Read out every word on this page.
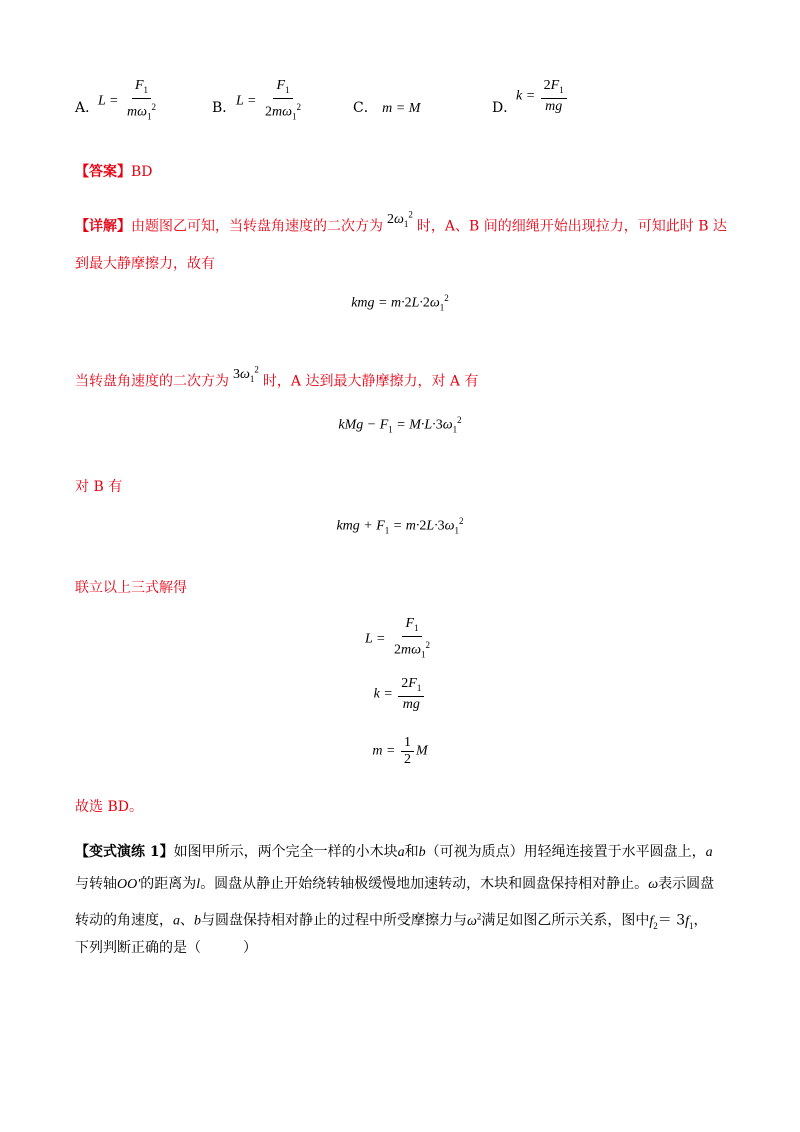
A．
$L = \frac{F_1}{m\omega_1^2}$	B． $L = \frac{F_1}{2m\omega_1^2}$	C． m = M	D．
$k = \frac{2F_1}{mg}$
【答案】BD
【详解】由题图乙可知，当转盘角速度的二次方为 $2\omega_1^2$时，A、B 间的细绳开始出现拉力，可知此时 B 达
到最大静摩擦力，故有
kmg = $m\cdot 2L\cdot 2\omega_1^2$
当转盘角速度的二次方为 $3\omega_1^2$时，A 达到最大静摩擦力，对 A 有
kMg − $F_1 = M\cdot L\cdot 3\omega_1^2$
对 B 有
kmg + $F_1 = m\cdot 2L\cdot 3\omega_1^2$
联立以上三式解得
$L = \frac{F_1}{2m\omega_1^2}$
$k = \frac{2F_1}{mg}$
$m = \frac{1}{2}$ M
故选 BD。
【变式演练 1】如图甲所示，两个完全一样的小木块a和b（可视为质点）用轻绳连接置于水平圆盘上，a
与转轴OO′的距离为l。圆盘从静止开始绕转轴极缓慢地加速转动，木块和圆盘保持相对静止。ω表示圆盘
转动的角速度，a、b与圆盘保持相对静止的过程中所受摩擦力与$\omega^2$满足如图乙所示关系，图中$f_2= 3f_1$，
下列判断正确的是（　　　）
